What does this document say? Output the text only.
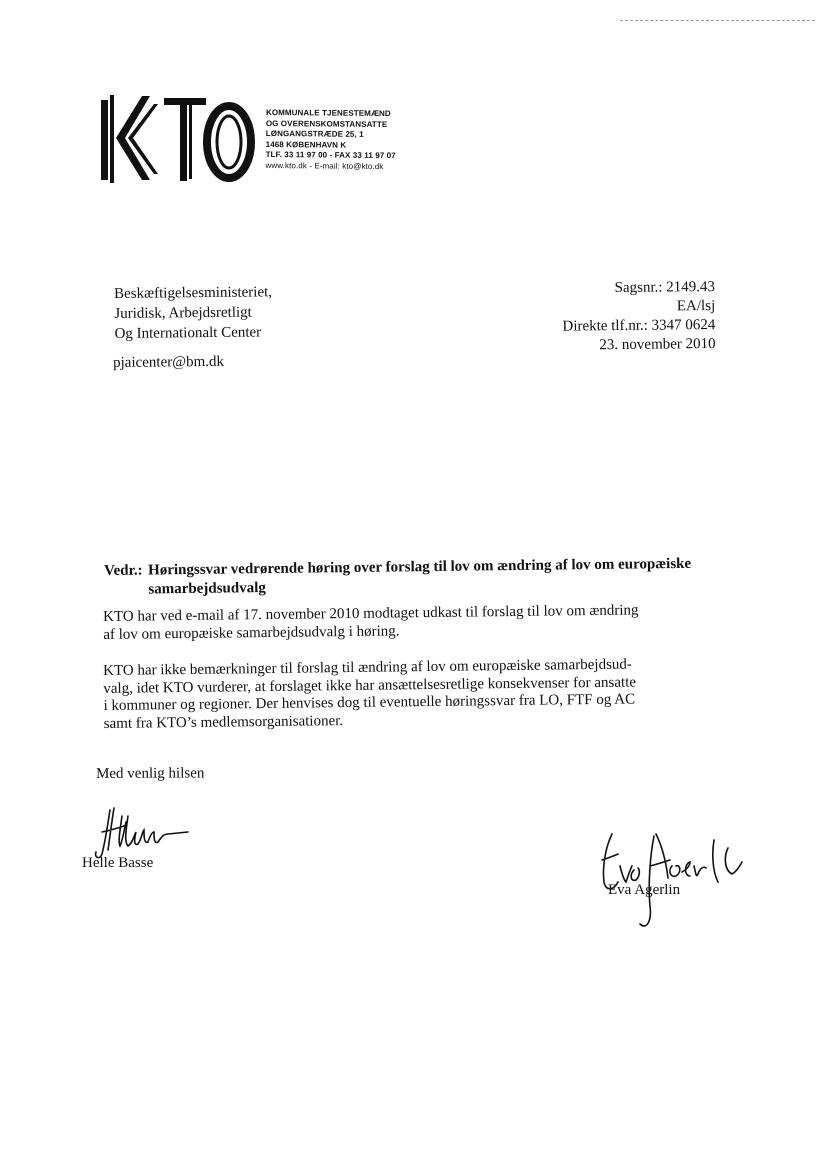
KOMMUNALE TJENESTEMÆND
OG OVERENSKOMSTANSATTE
LØNGANGSTRÆDE 25, 1
1468 KØBENHAVN K
TLF. 33 11 97 00 - FAX 33 11 97 07
www.kto.dk - E-mail: kto@kto.dk
Beskæftigelsesministeriet,
Juridisk, Arbejdsretligt
Og Internationalt Center
pjaicenter@bm.dk
Sagsnr.: 2149.43
EA/lsj
Direkte tlf.nr.: 3347 0624
23. november 2010
Vedr.: Høringssvar vedrørende høring over forslag til lov om ændring af lov om europæiske samarbejdsudvalg
KTO har ved e-mail af 17. november 2010 modtaget udkast til forslag til lov om ændring
af lov om europæiske samarbejdsudvalg i høring.
KTO har ikke bemærkninger til forslag til ændring af lov om europæiske samarbejdsud-
valg, idet KTO vurderer, at forslaget ikke har ansættelsesretlige konsekvenser for ansatte
i kommuner og regioner. Der henvises dog til eventuelle høringssvar fra LO, FTF og AC
samt fra KTO’s medlemsorganisationer.
Med venlig hilsen
Helle Basse
Eva Agerlin
